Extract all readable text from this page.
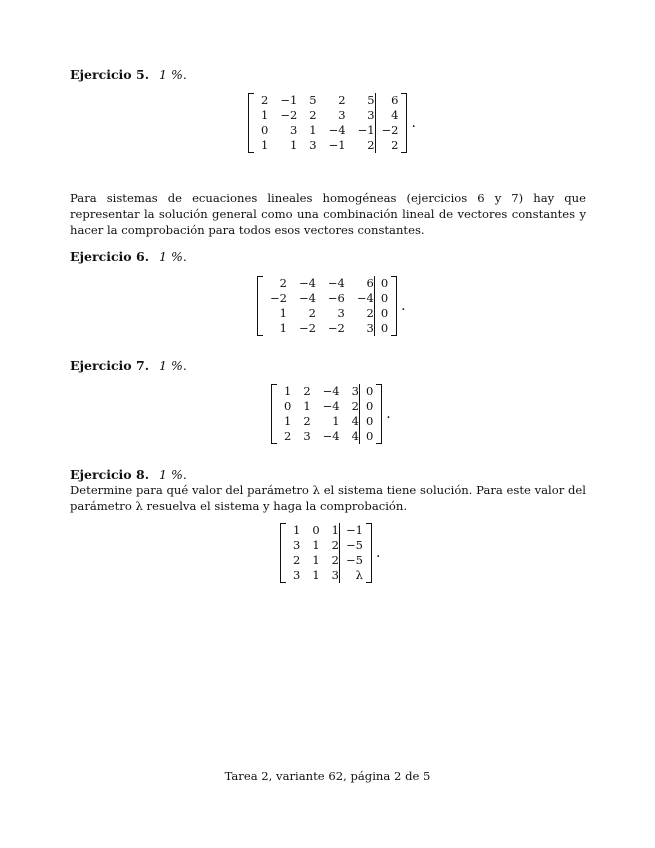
Ejercicio 5. 1 %.
2	−1	5	2	5	6
1	−2	2	3	3	4
0	3	1	−4	−1	−2
1	1	3	−1	2	2
.
Para sistemas de ecuaciones lineales homogéneas (ejercicios 6 y 7) hay que representar la solución general como una combinación lineal de vectores constantes y hacer la comprobación para todos esos vectores constantes.
Ejercicio 6. 1 %.
2	−4	−4	6	0
−2	−4	−6	−4	0
1	2	3	2	0
1	−2	−2	3	0
.
Ejercicio 7. 1 %.
1	2	−4	3	0
0	1	−4	2	0
1	2	1	4	0
2	3	−4	4	0
.
Ejercicio 8. 1 %.
Determine para qué valor del parámetro λ el sistema tiene solución. Para este valor del parámetro λ resuelva el sistema y haga la comprobación.
1	0	1	−1
3	1	2	−5
2	1	2	−5
3	1	3	λ
.
Tarea 2, variante 62, página 2 de 5
